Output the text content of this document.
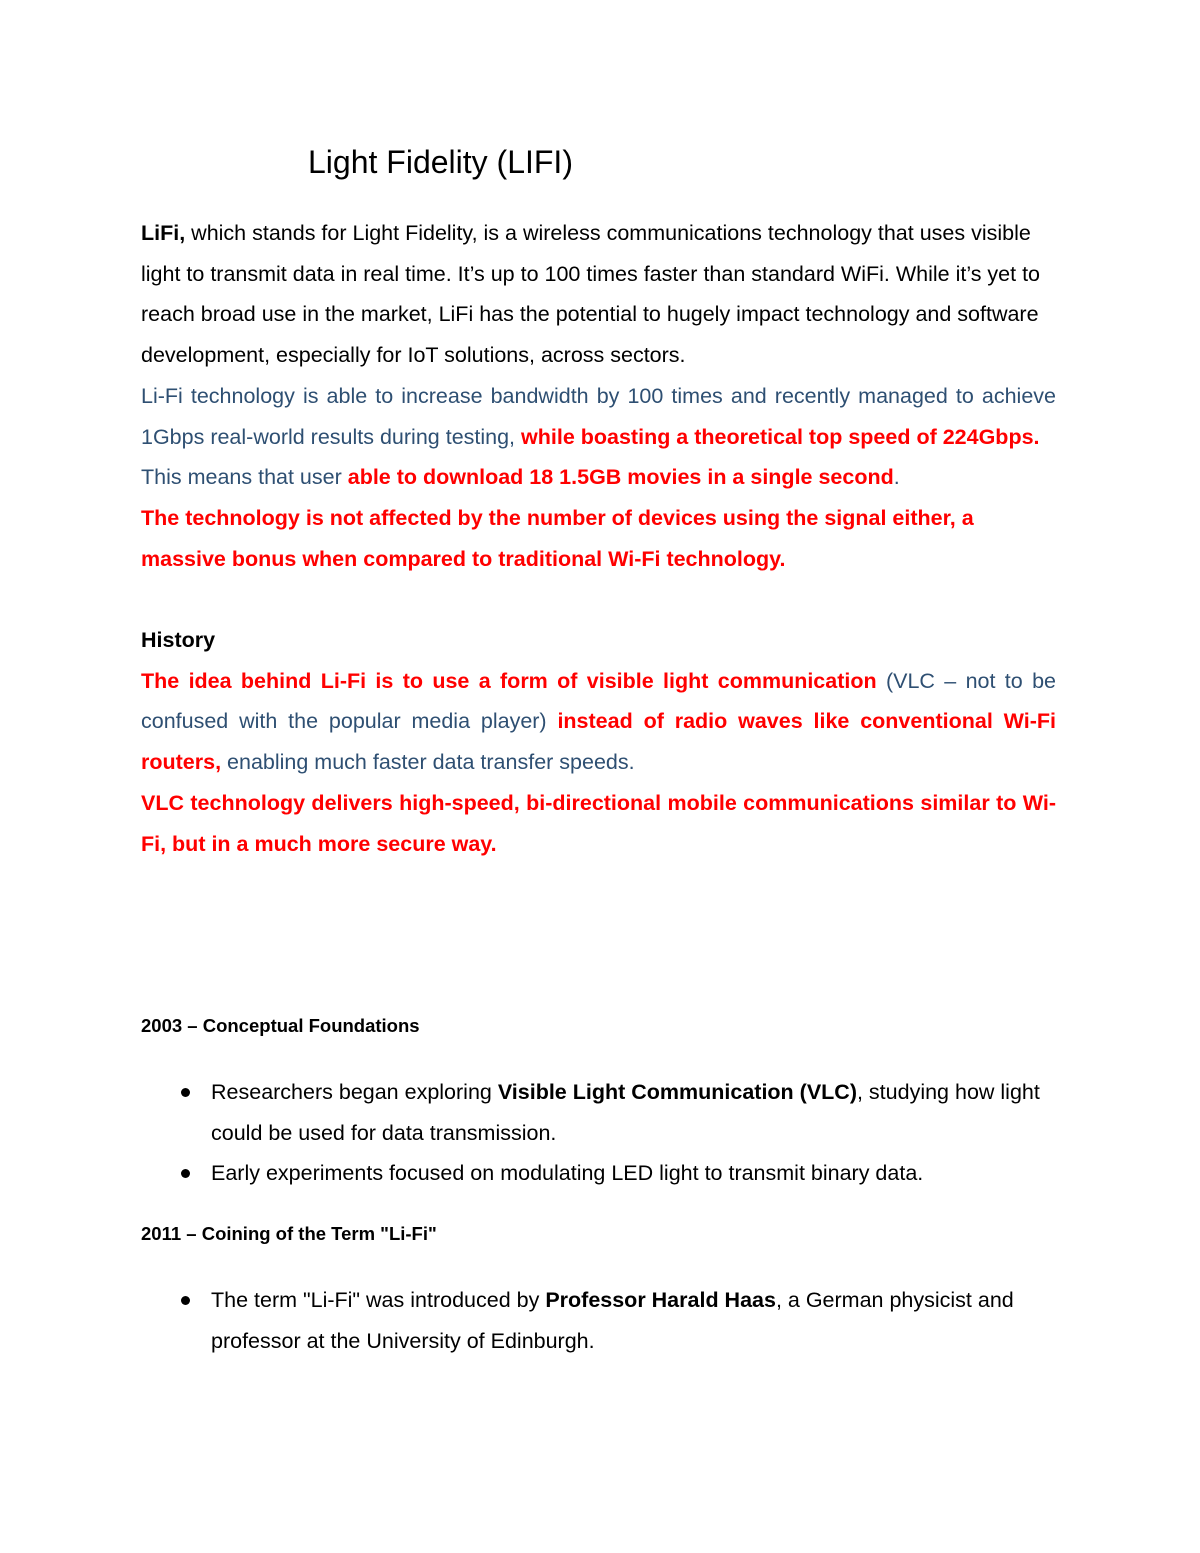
Light Fidelity (LIFI)

LiFi, which stands for Light Fidelity, is a wireless communications technology that uses visible light to transmit data in real time. It’s up to 100 times faster than standard WiFi. While it’s yet to reach broad use in the market, LiFi has the potential to hugely impact technology and software development, especially for IoT solutions, across sectors.

Li-Fi technology is able to increase bandwidth by 100 times and recently managed to achieve 1Gbps real-world results during testing, while boasting a theoretical top speed of 224Gbps.

This means that user able to download 18 1.5GB movies in a single second.

The technology is not affected by the number of devices using the signal either, a massive bonus when compared to traditional Wi-Fi technology.

History

The idea behind Li-Fi is to use a form of visible light communication (VLC – not to be confused with the popular media player) instead of radio waves like conventional Wi-Fi routers, enabling much faster data transfer speeds.

VLC technology delivers high-speed, bi-directional mobile communications similar to Wi-Fi, but in a much more secure way.

2003 – Conceptual Foundations

Researchers began exploring Visible Light Communication (VLC), studying how light could be used for data transmission.
Early experiments focused on modulating LED light to transmit binary data.

2011 – Coining of the Term "Li-Fi"

The term "Li-Fi" was introduced by Professor Harald Haas, a German physicist and professor at the University of Edinburgh.
